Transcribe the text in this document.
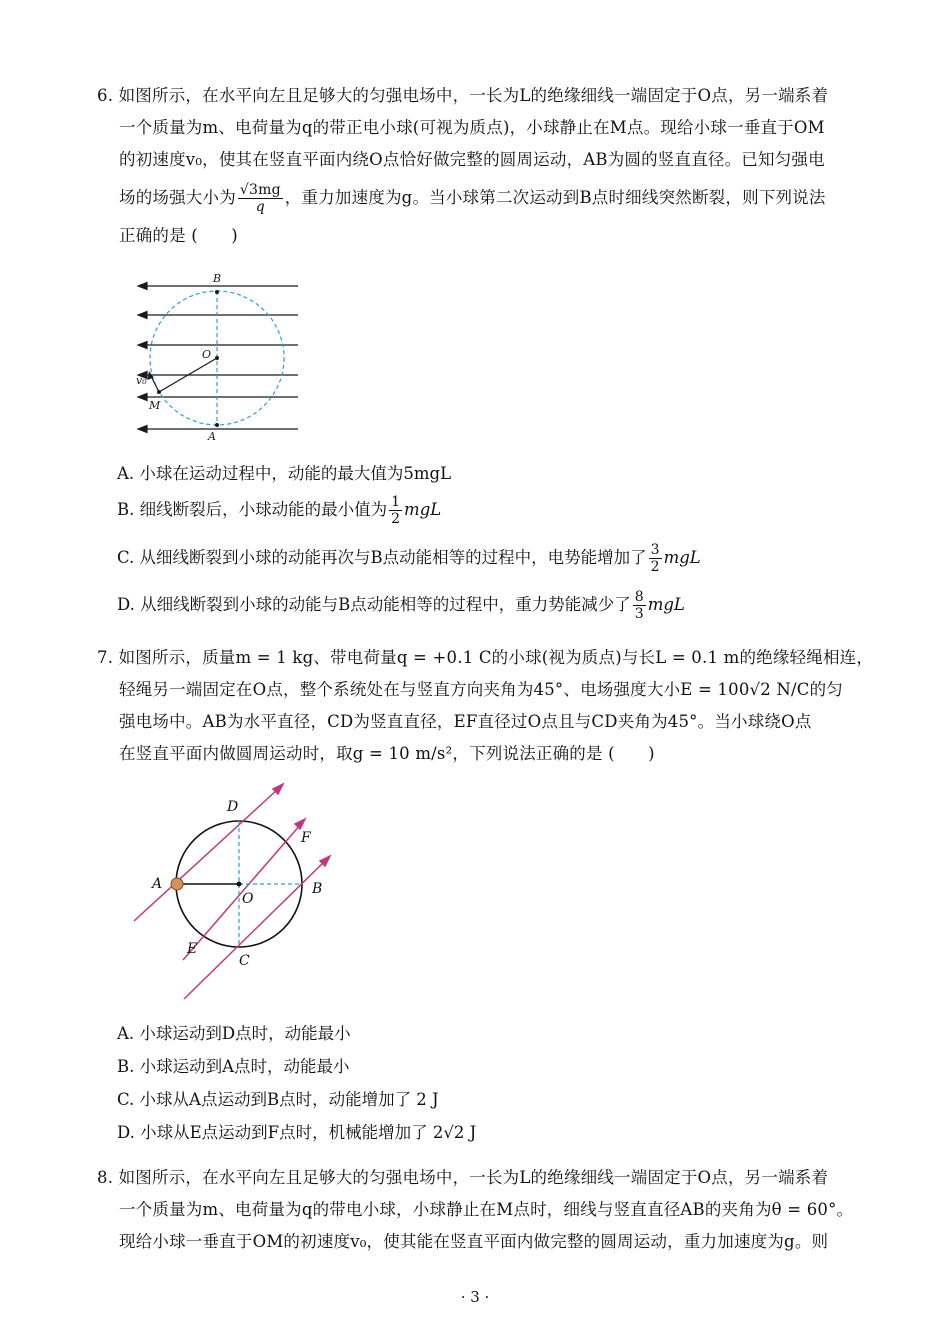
6. 如图所示，在水平向左且足够大的匀强电场中，一长为L的绝缘细线一端固定于O点，另一端系着
一个质量为m、电荷量为q的带正电小球(可视为质点)，小球静止在M点。现给小球一垂直于OM
的初速度v₀，使其在竖直平面内绕O点恰好做完整的圆周运动，AB为圆的竖直直径。已知匀强电
场的场强大小为 $\frac{√3mg}{q}$ ，重力加速度为g。当小球第二次运动到B点时细线突然断裂，则下列说法
正确的是 (　　)
B
O
v₀
M
A
A. 小球在运动过程中，动能的最大值为5mgL
B. 细线断裂后，小球动能的最小值为 $\frac{1}{2}$ mgL
C. 从细线断裂到小球的动能再次与B点动能相等的过程中，电势能增加了 $\frac{3}{2}$ mgL
D. 从细线断裂到小球的动能与B点动能相等的过程中，重力势能减少了 $\frac{8}{3}$ mgL
7. 如图所示，质量m = 1 kg、带电荷量q = +0.1 C的小球(视为质点)与长L = 0.1 m的绝缘轻绳相连，
轻绳另一端固定在O点，整个系统处在与竖直方向夹角为45°、电场强度大小E = 100√2 N/C的匀
强电场中。AB为水平直径，CD为竖直直径，EF直径过O点且与CD夹角为45°。当小球绕O点
在竖直平面内做圆周运动时，取g = 10 m/s²，下列说法正确的是 (　　)
D
F
A
O
B
E
C
A. 小球运动到D点时，动能最小
B. 小球运动到A点时，动能最小
C. 小球从A点运动到B点时，动能增加了 2 J
D. 小球从E点运动到F点时，机械能增加了 2√2 J
8. 如图所示，在水平向左且足够大的匀强电场中，一长为L的绝缘细线一端固定于O点，另一端系着
一个质量为m、电荷量为q的带电小球，小球静止在M点时，细线与竖直直径AB的夹角为θ = 60°。
现给小球一垂直于OM的初速度v₀，使其能在竖直平面内做完整的圆周运动，重力加速度为g。则
· 3 ·
